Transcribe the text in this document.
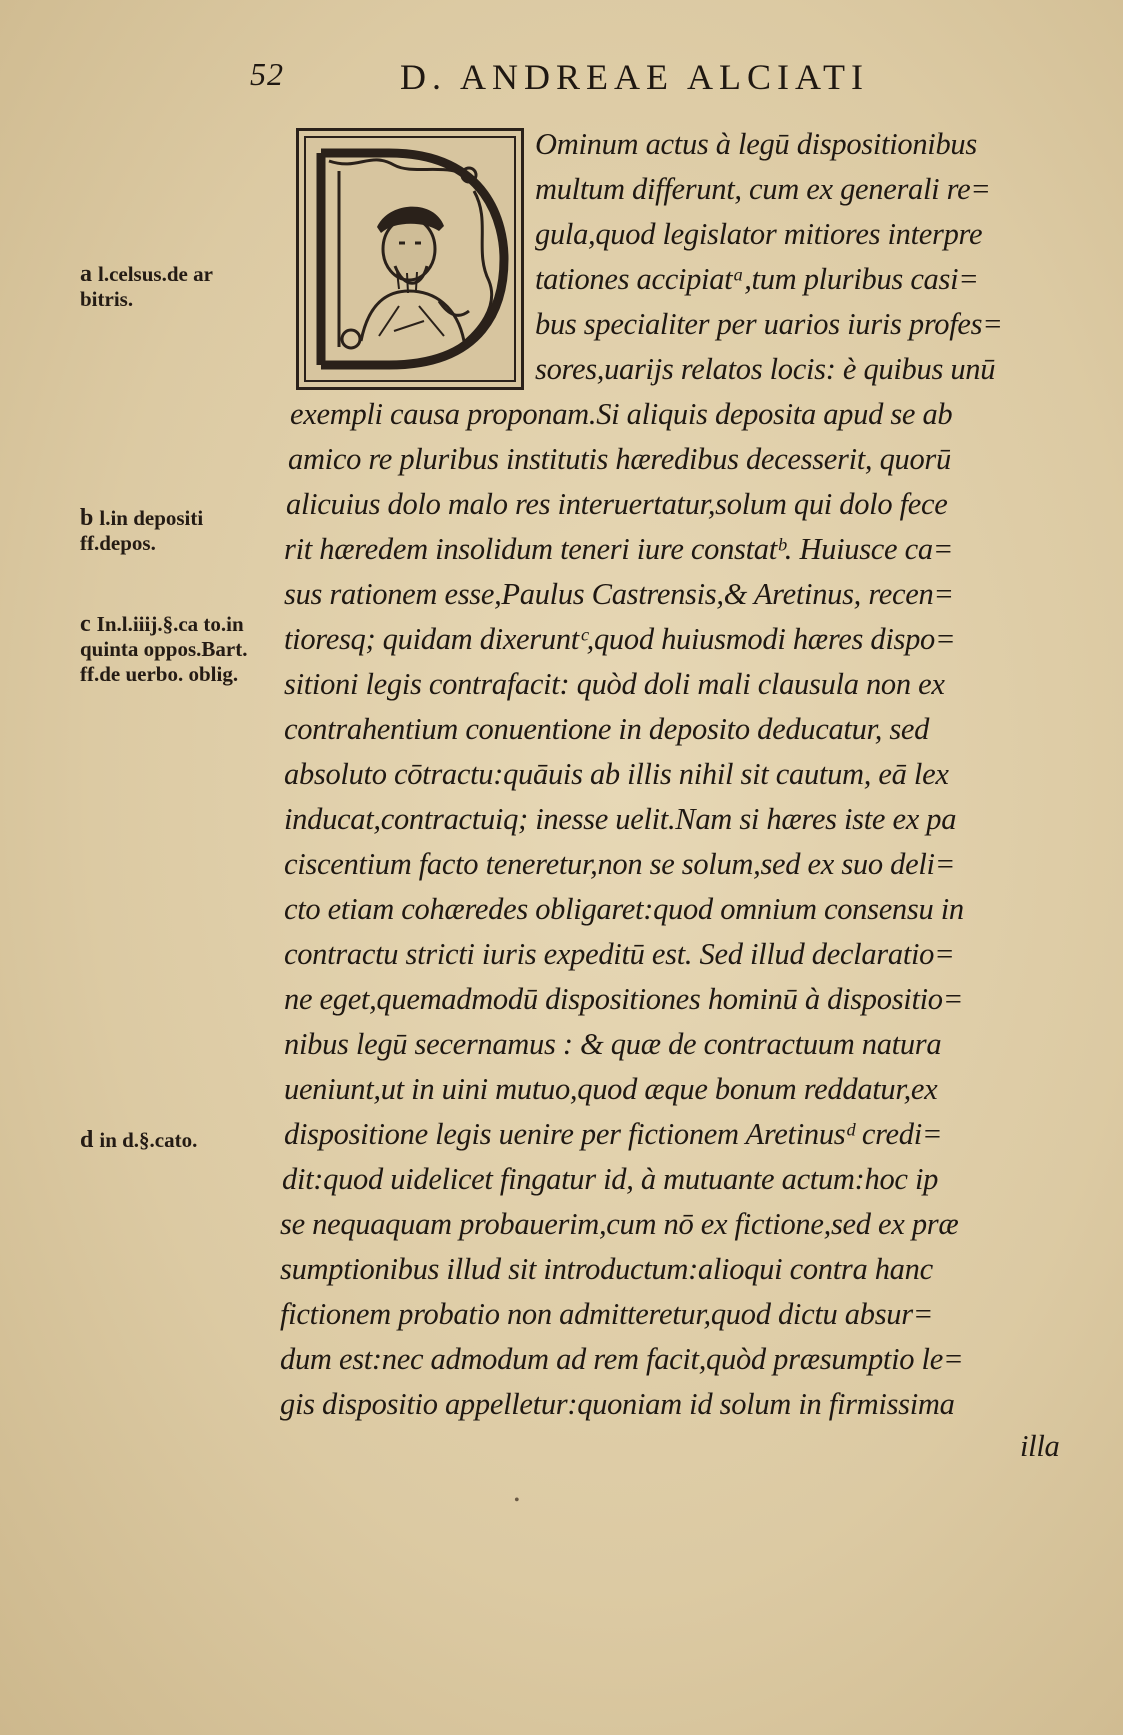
52	D. ANDREAE ALCIATI
a l.celsus.de ar bitris.
b l.in depositi ff.depos.
c In.l.iiij.§.ca to.in quinta oppos.Bart. ff.de uerbo. oblig.
d in d.§.cato.
Ominum actus à legū dispositionibus
multum differunt, cum ex generali re=
gula,quod legislator mitiores interpre
tationes accipiatᵃ,tum pluribus casi=
bus specialiter per uarios iuris profes=
sores,uarijs relatos locis: è quibus unū
exempli causa proponam.Si aliquis deposita apud se ab
amico re pluribus institutis hæredibus decesserit, quorū
alicuius dolo malo res interuertatur,solum qui dolo fece
rit hæredem insolidum teneri iure constatᵇ. Huiusce ca=
sus rationem esse,Paulus Castrensis,& Aretinus, recen=
tioresq; quidam dixeruntᶜ,quod huiusmodi hæres dispo=
sitioni legis contrafacit: quòd doli mali clausula non ex
contrahentium conuentione in deposito deducatur, sed
absoluto cōtractu:quāuis ab illis nihil sit cautum, eā lex
inducat,contractuiq; inesse uelit.Nam si hæres iste ex pa
ciscentium facto teneretur,non se solum,sed ex suo deli=
cto etiam cohæredes obligaret:quod omnium consensu in
contractu stricti iuris expeditū est. Sed illud declaratio=
ne eget,quemadmodū dispositiones hominū à dispositio=
nibus legū secernamus : & quæ de contractuum natura
ueniunt,ut in uini mutuo,quod æque bonum reddatur,ex
dispositione legis uenire per fictionem Aretinusᵈ credi=
dit:quod uidelicet fingatur id, à mutuante actum:hoc ip
se nequaquam probauerim,cum nō ex fictione,sed ex præ
sumptionibus illud sit introductum:alioqui contra hanc
fictionem probatio non admitteretur,quod dictu absur=
dum est:nec admodum ad rem facit,quòd præsumptio le=
gis dispositio appelletur:quoniam id solum in firmissima
illa
•
